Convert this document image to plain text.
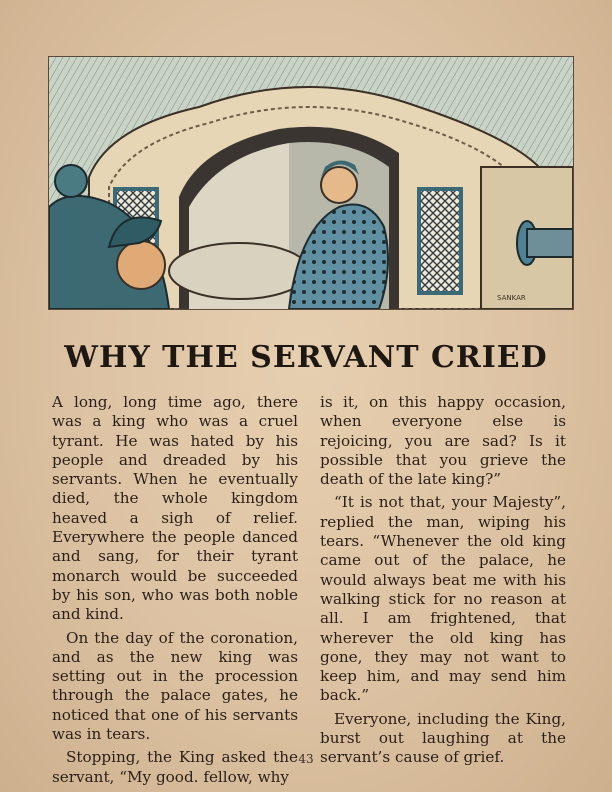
SANKAR
WHY THE SERVANT CRIED

A long, long time ago, there was a king who was a cruel tyrant. He was hated by his people and dreaded by his servants. When he eventually died, the whole kingdom heaved a sigh of relief. Everywhere the people danced and sang, for their tyrant monarch would be succeeded by his son, who was both noble and kind.

On the day of the coronation, and as the new king was setting out in the procession through the palace gates, he noticed that one of his servants was in tears.

Stopping, the King asked the servant, “My good. fellow, why

is it, on this happy occasion, when everyone else is rejoicing, you are sad? Is it possible that you grieve the death of the late king?”

“It is not that, your Majesty”, replied the man, wiping his tears. “Whenever the old king came out of the palace, he would always beat me with his walking stick for no reason at all. I am frightened, that wherever the old king has gone, they may not want to keep him, and may send him back.”

Everyone, including the King, burst out laughing at the servant’s cause of grief.

43
